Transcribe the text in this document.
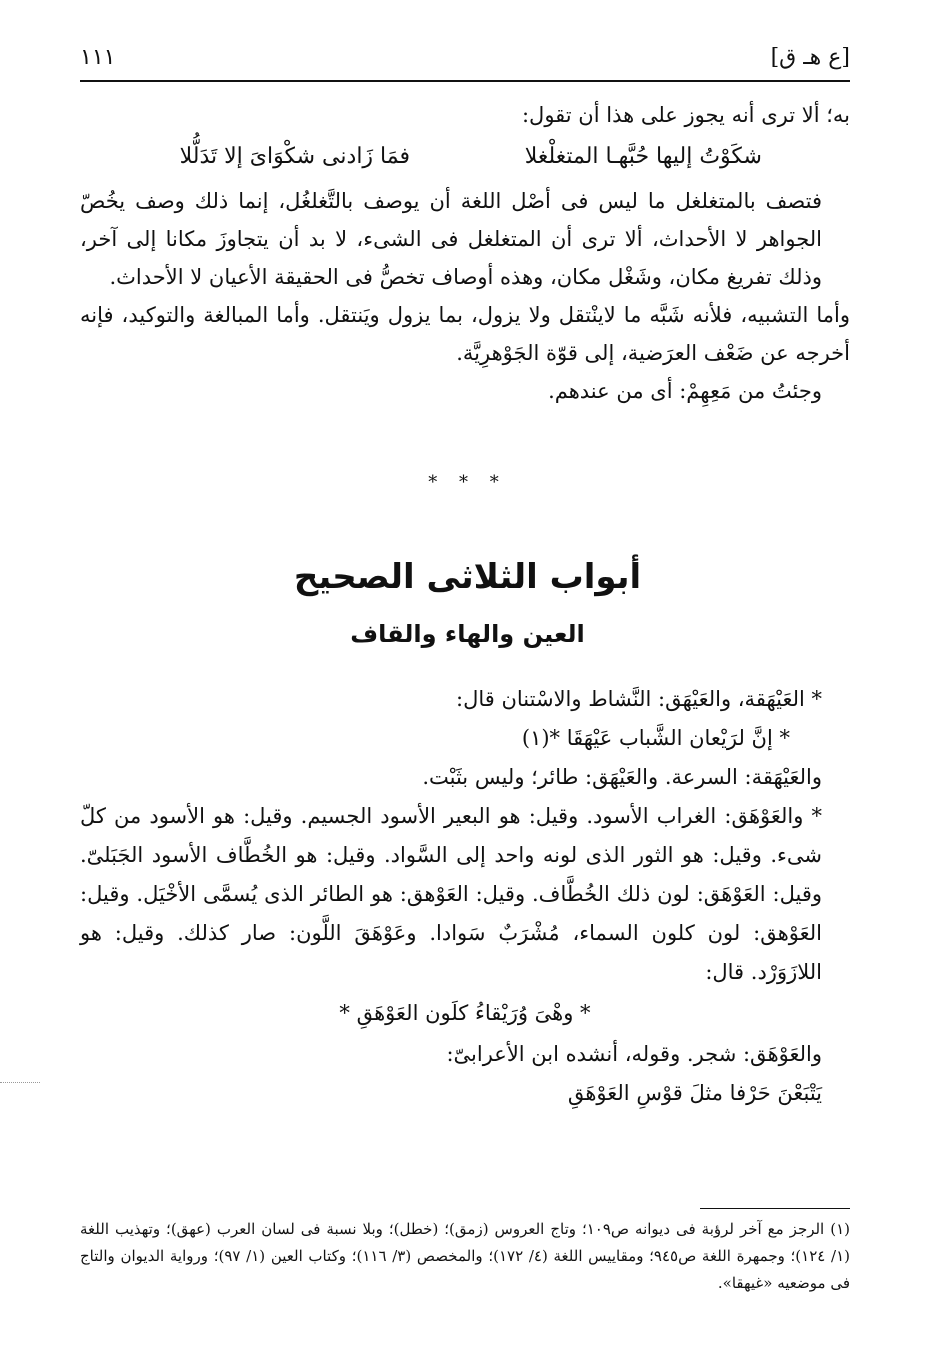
[ع هـ ق]
١١١

به؛ ألا ترى أنه يجوز على هذا أن تقول:

شكَوْتُ إليها حُبَّهـا المتغلْغلا
فمَا زَادنى شكْوَاىَ إلا تَدَلُّلا

فتصف بالمتغلغل ما ليس فى أصْل اللغة أن يوصف بالتَّغلغُل، إنما ذلك وصف يخُصّ الجواهر لا الأحداث، ألا ترى أن المتغلغل فى الشىء، لا بد أن يتجاوزَ مكانا إلى آخر، وذلك تفريغ مكان، وشَغْل مكان، وهذه أوصاف تخصُّ فى الحقيقة الأعيان لا الأحداث.

وأما التشبيه، فلأنه شَبَّه ما لاينْتقل ولا يزول، بما يزول ويَنتقل. وأما المبالغة والتوكيد، فإنه أخرجه عن ضَعْف العرَضية، إلى قوّة الجَوْهرِيَّة.

وجئتُ من مَعِهِمْ: أى من عندهم.

* * *
أبواب الثلاثى الصحيح
العين والهاء والقاف

* العَيْهَقة، والعَيْهَق: النَّشاط والاسْتنان قال:

* إنَّ لرَيْعان الشَّباب عَيْهَقَا *(١)

والعَيْهَقة: السرعة. والعَيْهَق: طائر؛ وليس بثَبْت.

* والعَوْهَق: الغراب الأسود. وقيل: هو البعير الأسود الجسيم. وقيل: هو الأسود من كلّ شىء. وقيل: هو الثور الذى لونه واحد إلى السَّواد. وقيل: هو الخُطَّاف الأسود الجَبَلىّ. وقيل: العَوْهَق: لون ذلك الخُطَّاف. وقيل: العَوْهق: هو الطائر الذى يُسمَّى الأخْيَل. وقيل: العَوْهق: لون كلون السماء، مُشْرَبٌ سَوادا. وعَوْهَقَ اللَّون: صار كذلك. وقيل: هو اللازَوَرْد. قال:

* وهْىَ وُرَيْقاءُ كلَون العَوْهَقِ *

والعَوْهَق: شجر. وقوله، أنشده ابن الأعرابىّ:

يَتْبَعْنَ حَرْفا مثلَ قوْسِ العَوْهَقِ

(١) الرجز مع آخر لرؤبة فى ديوانه ص١٠٩؛ وتاج العروس (زمق)؛ (خطل)؛ وبلا نسبة فى لسان العرب (عهق)؛ وتهذيب اللغة (١/ ١٢٤)؛ وجمهرة اللغة ص٩٤٥؛ ومقاييس اللغة (٤/ ١٧٢)؛ والمخصص (٣/ ١١٦)؛ وكتاب العين (١/ ٩٧)؛ ورواية الديوان والتاج فى موضعيه «غيهقا».
